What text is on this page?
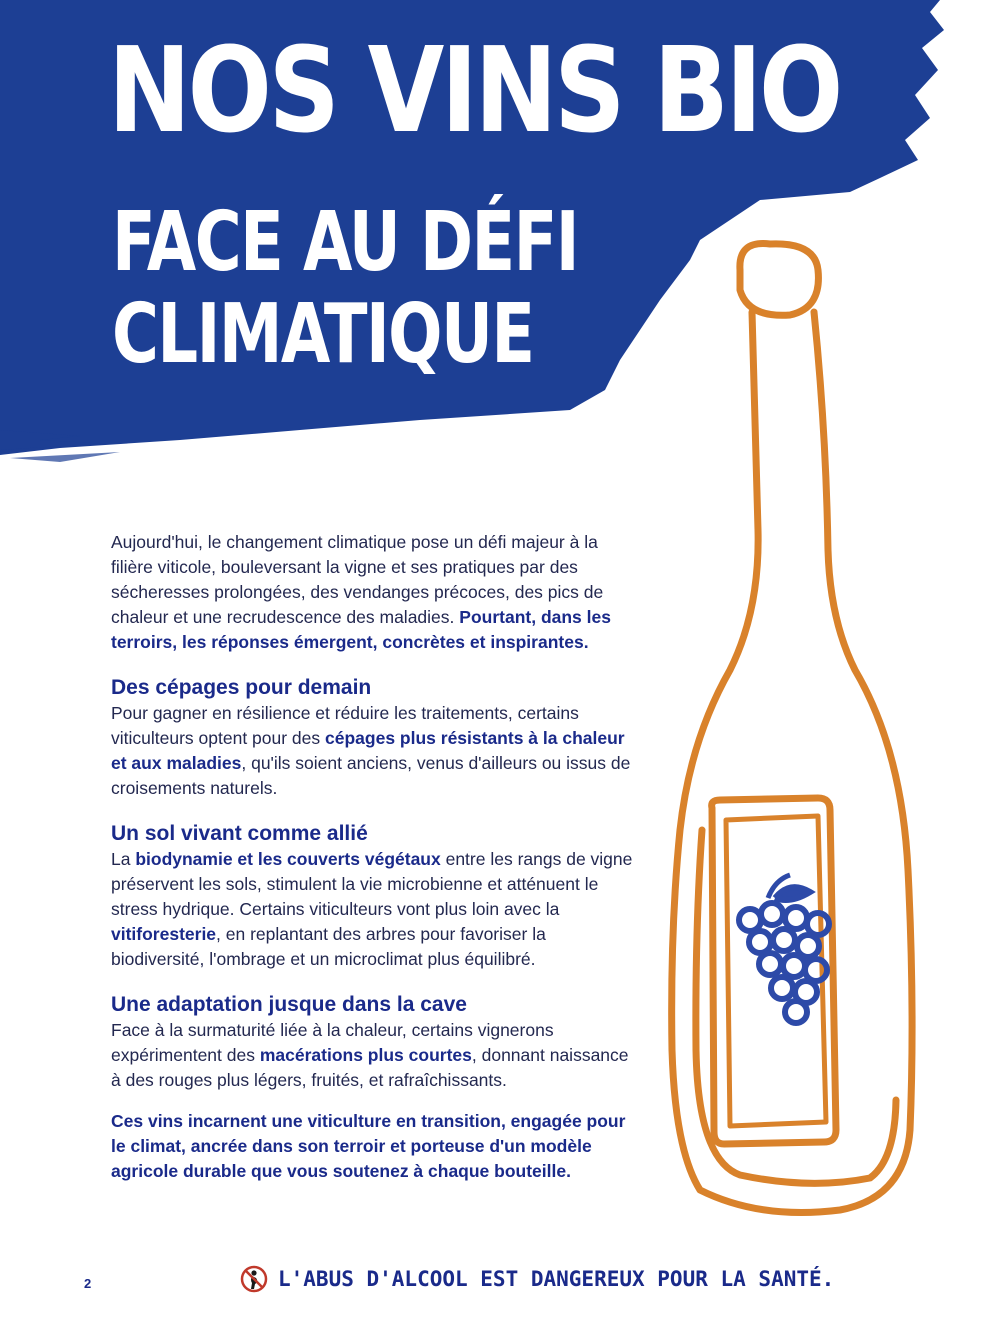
NOS VINS BIO
FACE AU DÉFI
CLIMATIQUE

Aujourd'hui, le changement climatique pose un défi majeur à la filière viticole, bouleversant la vigne et ses pratiques par des sécheresses prolongées, des vendanges précoces, des pics de chaleur et une recrudescence des maladies. Pourtant, dans les terroirs, les réponses émergent, concrètes et inspirantes.

Des cépages pour demain

Pour gagner en résilience et réduire les traitements, certains viticulteurs optent pour des cépages plus résistants à la chaleur et aux maladies, qu'ils soient anciens, venus d'ailleurs ou issus de croisements naturels.

Un sol vivant comme allié

La biodynamie et les couverts végétaux entre les rangs de vigne préservent les sols, stimulent la vie microbienne et atténuent le stress hydrique. Certains viticulteurs vont plus loin avec la vitiforesterie, en replantant des arbres pour favoriser la biodiversité, l'ombrage et un microclimat plus équilibré.

Une adaptation jusque dans la cave

Face à la surmaturité liée à la chaleur, certains vignerons expérimentent des macérations plus courtes, donnant naissance à des rouges plus légers, fruités, et rafraîchissants.

Ces vins incarnent une viticulture en transition, engagée pour le climat, ancrée dans son terroir et porteuse d'un modèle agricole durable que vous soutenez à chaque bouteille.

2	L'ABUS D'ALCOOL EST DANGEREUX POUR LA SANTÉ.
